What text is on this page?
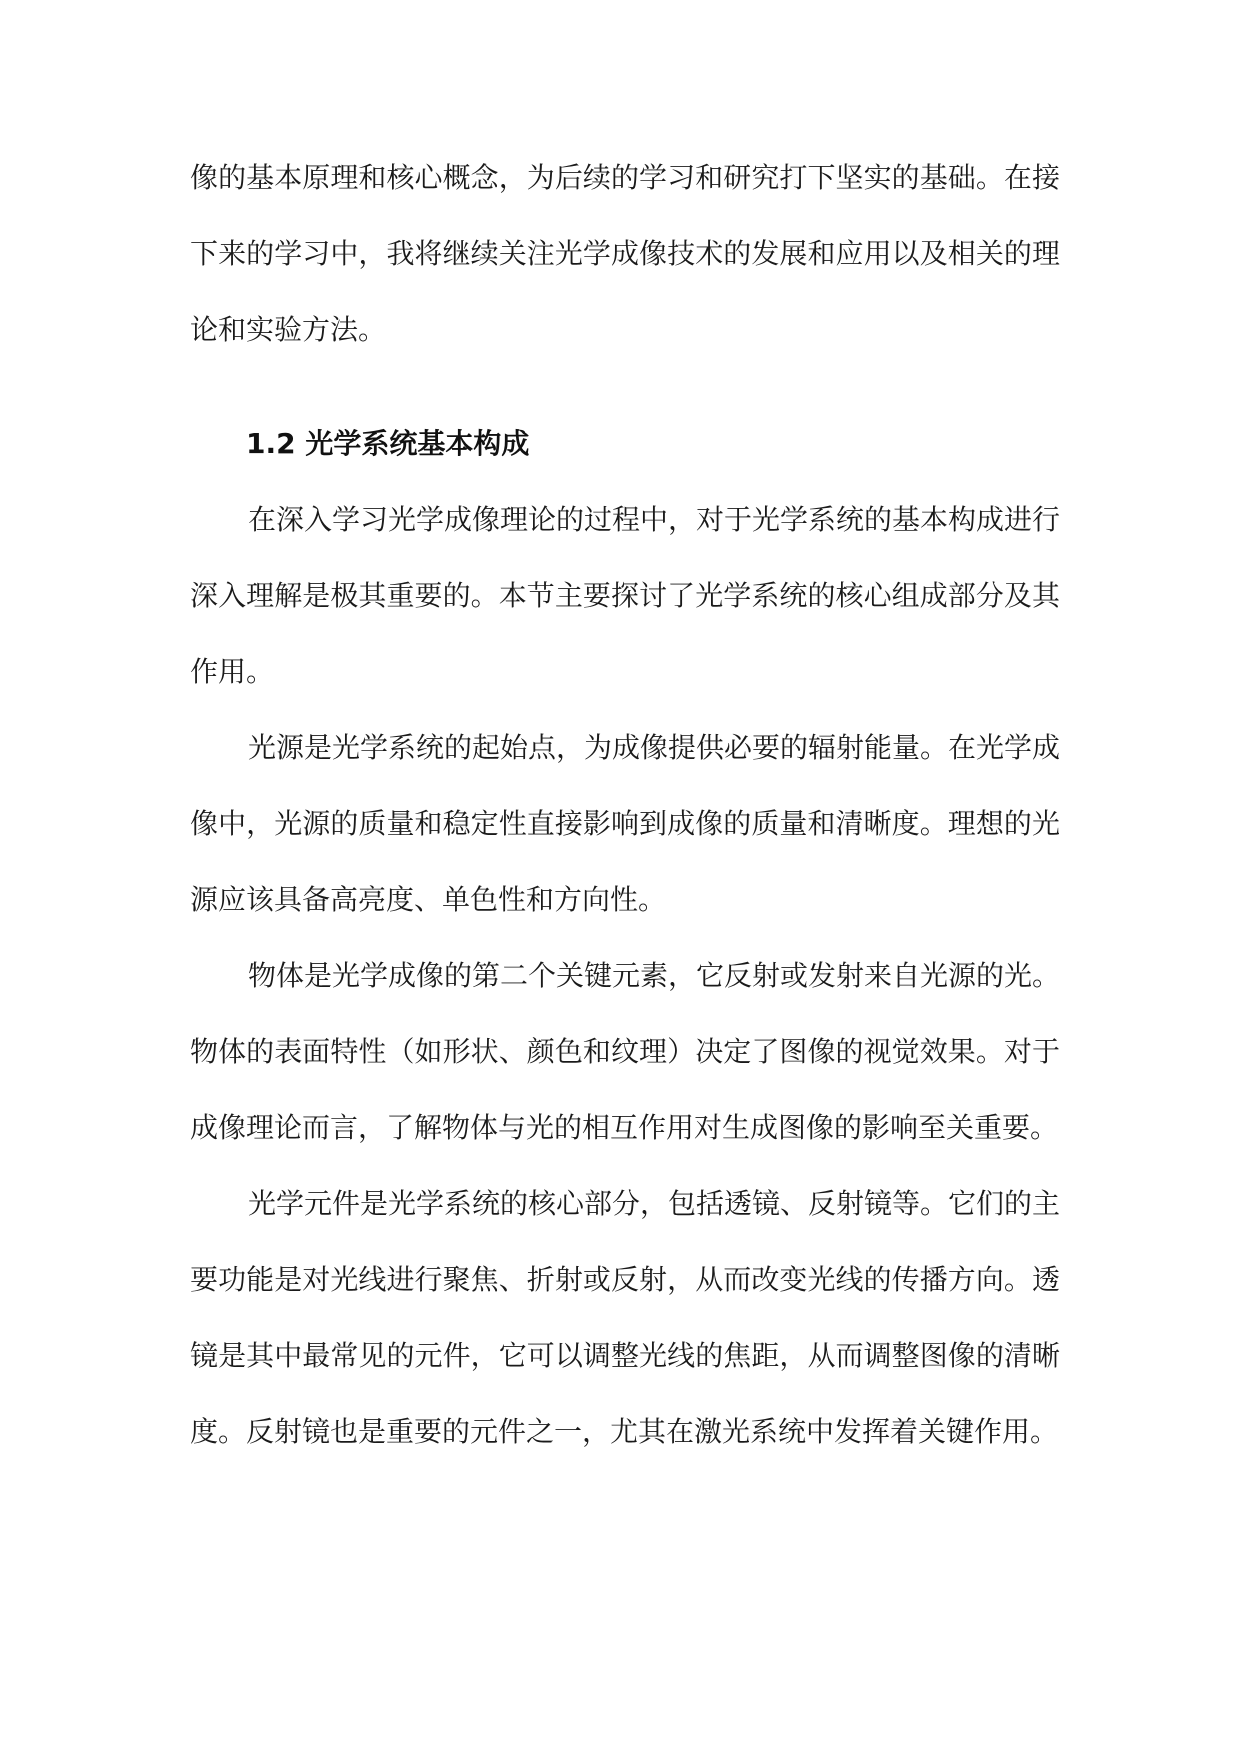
像的基本原理和核心概念，为后续的学习和研究打下坚实的基础。在接下来的学习中，我将继续关注光学成像技术的发展和应用以及相关的理论和实验方法。

1.2 光学系统基本构成

在深入学习光学成像理论的过程中，对于光学系统的基本构成进行深入理解是极其重要的。本节主要探讨了光学系统的核心组成部分及其作用。

光源是光学系统的起始点，为成像提供必要的辐射能量。在光学成像中，光源的质量和稳定性直接影响到成像的质量和清晰度。理想的光源应该具备高亮度、单色性和方向性。

物体是光学成像的第二个关键元素，它反射或发射来自光源的光。物体的表面特性（如形状、颜色和纹理）决定了图像的视觉效果。对于成像理论而言，了解物体与光的相互作用对生成图像的影响至关重要。

光学元件是光学系统的核心部分，包括透镜、反射镜等。它们的主要功能是对光线进行聚焦、折射或反射，从而改变光线的传播方向。透镜是其中最常见的元件，它可以调整光线的焦距，从而调整图像的清晰度。反射镜也是重要的元件之一，尤其在激光系统中发挥着关键作用。
